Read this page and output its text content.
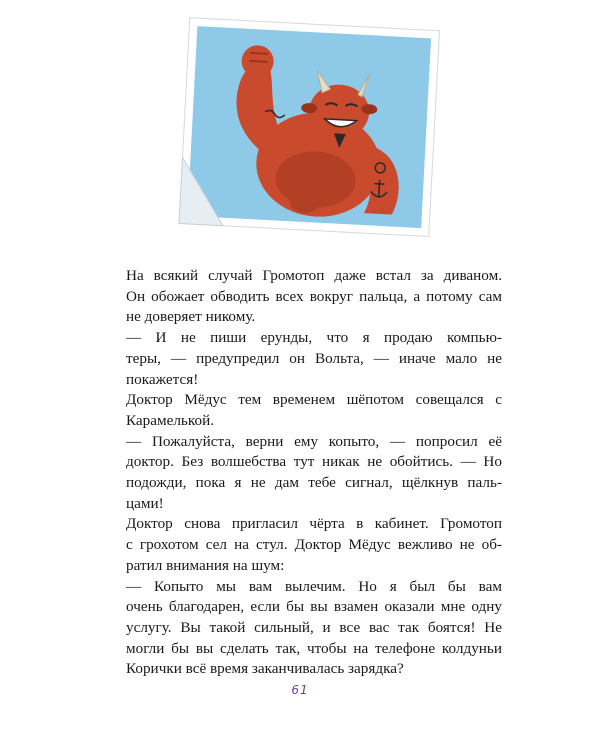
На всякий случай Громотоп даже встал за диваном.
Он обожает обводить всех вокруг пальца, а потому сам
не доверяет никому.

— И не пиши ерунды, что я продаю компью-
теры, — предупредил он Вольта, — иначе мало не
покажется!

Доктор Мёдус тем временем шёпотом совещался с
Карамелькой.

— Пожалуйста, верни ему копыто, — попросил её
доктор. Без волшебства тут никак не обойтись. — Но
подожди, пока я не дам тебе сигнал, щёлкнув паль-
цами!

Доктор снова пригласил чёрта в кабинет. Громотоп
с грохотом сел на стул. Доктор Мёдус вежливо не об-
ратил внимания на шум:

— Копыто мы вам вылечим. Но я был бы вам
очень благодарен, если бы вы взамен оказали мне одну
услугу. Вы такой сильный, и все вас так боятся! Не
могли бы вы сделать так, чтобы на телефоне колдуньи
Корички всё время заканчивалась зарядка?

61
